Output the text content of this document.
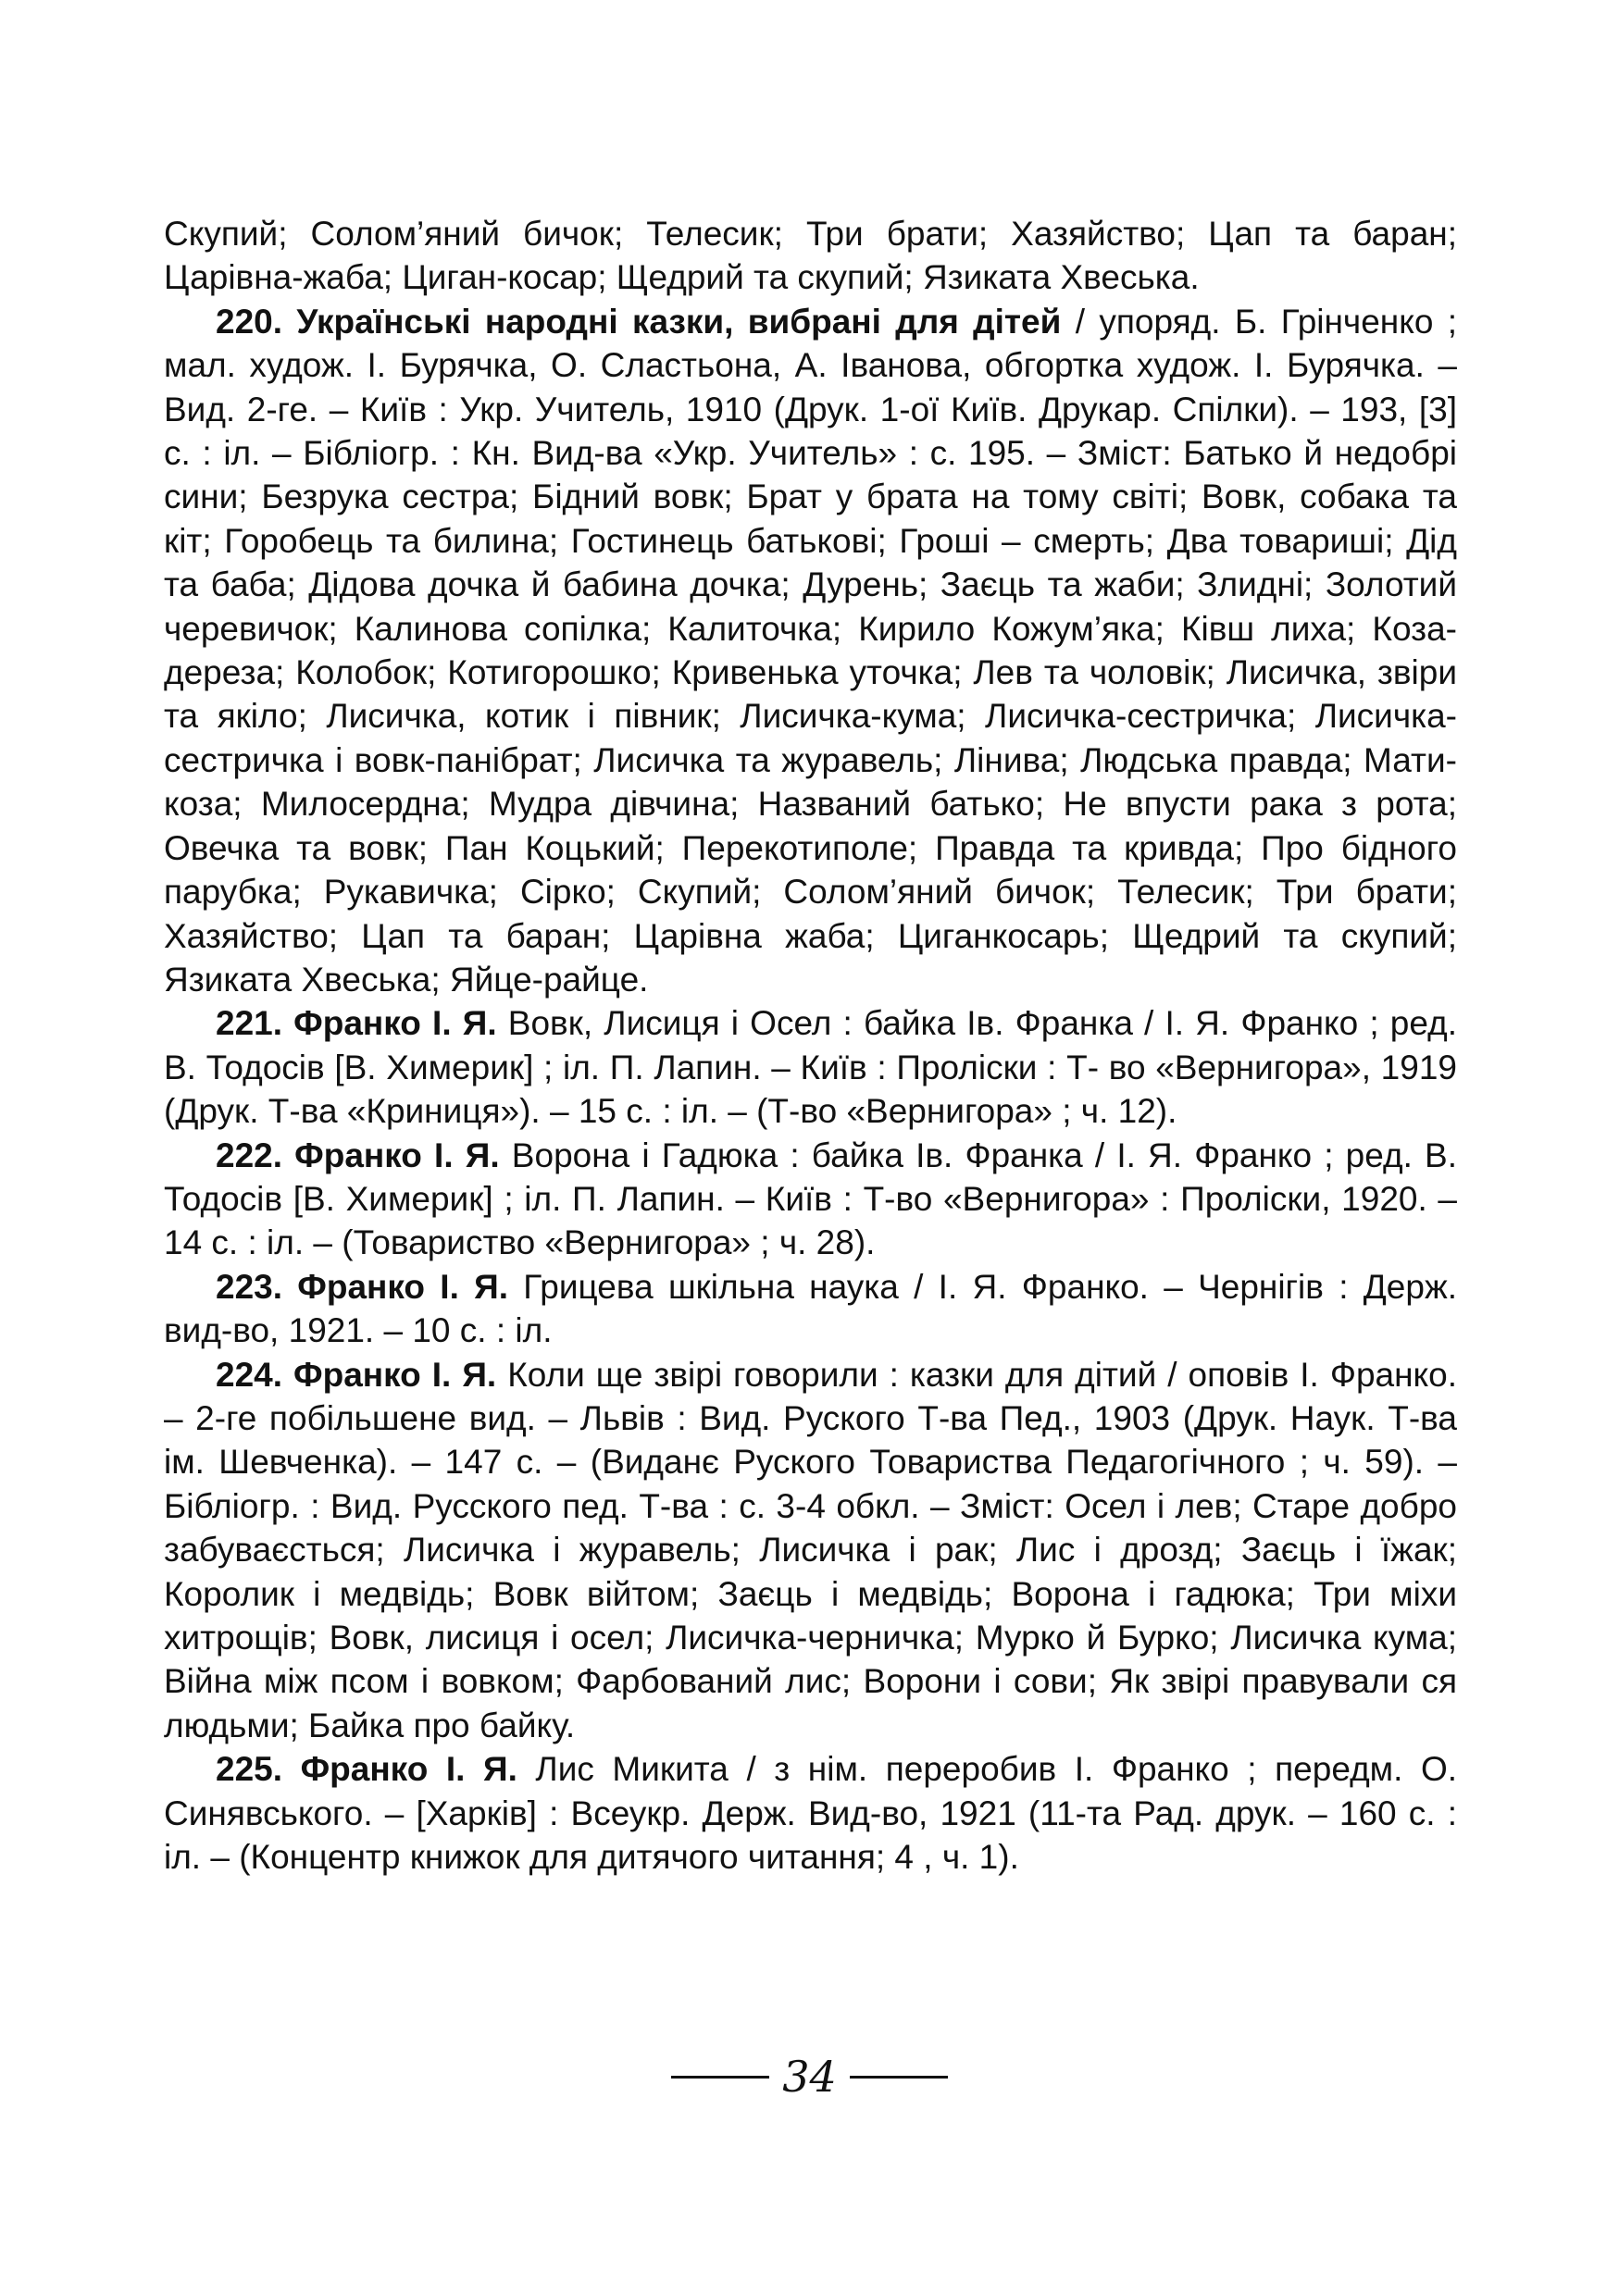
Скупий; Солом’яний бичок; Телесик; Три брати; Хазяйство; Цап та баран; Царівна-жаба; Циган-косар; Щедрий та скупий; Язиката Хвеська.

220. Українські народні казки, вибрані для дітей / упоряд. Б. Грінченко ; мал. худож. І. Бурячка, О. Сластьона, А. Іванова, обгортка худож. І. Бурячка. – Вид. 2-ге. – Київ : Укр. Учитель, 1910 (Друк. 1-ої Київ. Друкар. Спілки). – 193, [3] с. : іл. – Бібліогр. : Кн. Вид-ва «Укр. Учитель» : с. 195. – Зміст: Батько й недобрі сини; Безрука сестра; Бідний вовк; Брат у брата на тому світі; Вовк, собака та кіт; Горобець та билина; Гостинець батькові; Гроші – смерть; Два товариші; Дід та баба; Дідова дочка й бабина дочка; Дурень; Заєць та жаби; Злидні; Золотий черевичок; Калинова сопілка; Калиточка; Кирило Кожум’яка; Ківш лиха; Коза-дереза; Колобок; Котигорошко; Кривенька уточка; Лев та чоловік; Лисичка, звіри та якіло; Лисичка, котик і півник; Лисичка-кума; Лисичка-сестричка; Лисичка-сестричка і вовк-панібрат; Лисичка та журавель; Лінива; Людська правда; Мати-коза; Милосердна; Мудра дівчина; Названий батько; Не впусти рака з рота; Овечка та вовк; Пан Коцький; Перекотиполе; Правда та кривда; Про бідного парубка; Рукавичка; Сірко; Скупий; Солом’яний бичок; Телесик; Три брати; Хазяйство; Цап та баран; Царівна жаба; Циганкосарь; Щедрий та скупий; Язиката Хвеська; Яйце-райце.

221. Франко І. Я. Вовк, Лисиця і Осел : байка Ів. Франка / І. Я. Франко ; ред. В. Тодосів [В. Химерик] ; іл. П. Лапин. – Київ : Проліски : Т- во «Вернигора», 1919 (Друк. Т-ва «Криниця»). – 15 с. : іл. – (Т-во «Вернигора» ; ч. 12).

222. Франко І. Я. Ворона і Гадюка : байка Ів. Франка / І. Я. Франко ; ред. В. Тодосів [В. Химерик] ; іл. П. Лапин. – Київ : Т-во «Вернигора» : Проліски, 1920. – 14 с. : іл. – (Товариство «Вернигора» ; ч. 28).

223. Франко І. Я. Грицева шкільна наука / І. Я. Франко. – Чернігів : Держ. вид-во, 1921. – 10 с. : іл.

224. Франко І. Я. Коли ще звірі говорили : казки для дітий / оповів І. Франко. – 2-ге побільшене вид. – Львів : Вид. Руского Т-ва Пед., 1903 (Друк. Наук. Т-ва ім. Шевченка). – 147 с. – (Виданє Руского Товариства Педагогічного ; ч. 59). – Бібліогр. : Вид. Русского пед. Т-ва : с. 3-4 обкл. – Зміст: Осел і лев; Старе добро забуваєсться; Лисичка і журавель; Лисичка і рак; Лис і дрозд; Заєць і їжак; Королик і медвідь; Вовк війтом; Заєць і медвідь; Ворона і гадюка; Три міхи хитрощів; Вовк, лисиця і осел; Лисичка-черничка; Мурко й Бурко; Лисичка кума; Війна між псом і вовком; Фарбований лис; Ворони і сови; Як звірі правували ся людьми; Байка про байку.

225. Франко І. Я. Лис Микита / з нім. переробив І. Франко ; передм. О. Синявського. – [Харків] : Всеукр. Держ. Вид-во, 1921 (11-та Рад. друк. – 160 с. : іл. – (Концентр книжок для дитячого читання; 4 , ч. 1).

34
